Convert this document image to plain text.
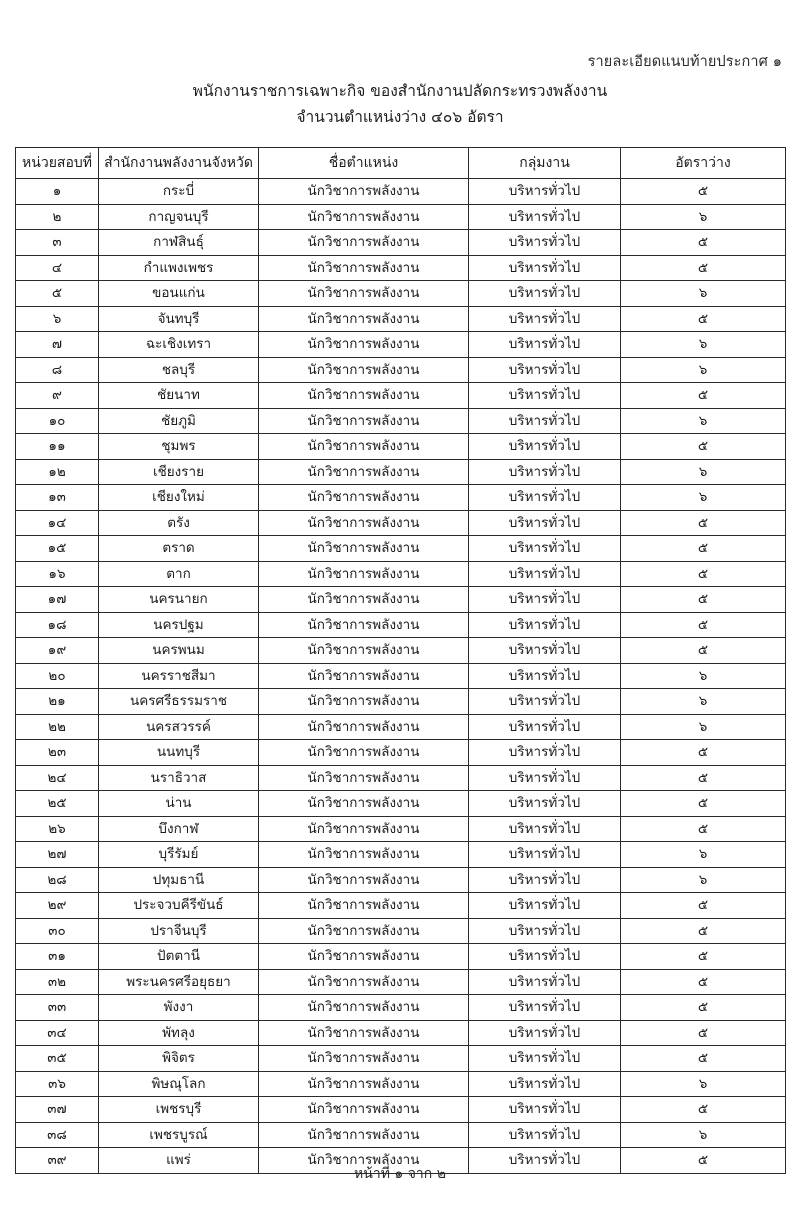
รายละเอียดแนบท้ายประกาศ ๑
พนักงานราชการเฉพาะกิจ ของสำนักงานปลัดกระทรวงพลังงาน
จำนวนตำแหน่งว่าง ๔๐๖ อัตรา
หน่วยสอบที่	สำนักงานพลังงานจังหวัด	ชื่อตำแหน่ง	กลุ่มงาน	อัตราว่าง
๑	กระบี่	นักวิชาการพลังงาน	บริหารทั่วไป	๕
๒	กาญจนบุรี	นักวิชาการพลังงาน	บริหารทั่วไป	๖
๓	กาฬสินธุ์	นักวิชาการพลังงาน	บริหารทั่วไป	๕
๔	กำแพงเพชร	นักวิชาการพลังงาน	บริหารทั่วไป	๕
๕	ขอนแก่น	นักวิชาการพลังงาน	บริหารทั่วไป	๖
๖	จันทบุรี	นักวิชาการพลังงาน	บริหารทั่วไป	๕
๗	ฉะเชิงเทรา	นักวิชาการพลังงาน	บริหารทั่วไป	๖
๘	ชลบุรี	นักวิชาการพลังงาน	บริหารทั่วไป	๖
๙	ชัยนาท	นักวิชาการพลังงาน	บริหารทั่วไป	๕
๑๐	ชัยภูมิ	นักวิชาการพลังงาน	บริหารทั่วไป	๖
๑๑	ชุมพร	นักวิชาการพลังงาน	บริหารทั่วไป	๕
๑๒	เชียงราย	นักวิชาการพลังงาน	บริหารทั่วไป	๖
๑๓	เชียงใหม่	นักวิชาการพลังงาน	บริหารทั่วไป	๖
๑๔	ตรัง	นักวิชาการพลังงาน	บริหารทั่วไป	๕
๑๕	ตราด	นักวิชาการพลังงาน	บริหารทั่วไป	๕
๑๖	ตาก	นักวิชาการพลังงาน	บริหารทั่วไป	๕
๑๗	นครนายก	นักวิชาการพลังงาน	บริหารทั่วไป	๕
๑๘	นครปฐม	นักวิชาการพลังงาน	บริหารทั่วไป	๕
๑๙	นครพนม	นักวิชาการพลังงาน	บริหารทั่วไป	๕
๒๐	นครราชสีมา	นักวิชาการพลังงาน	บริหารทั่วไป	๖
๒๑	นครศรีธรรมราช	นักวิชาการพลังงาน	บริหารทั่วไป	๖
๒๒	นครสวรรค์	นักวิชาการพลังงาน	บริหารทั่วไป	๖
๒๓	นนทบุรี	นักวิชาการพลังงาน	บริหารทั่วไป	๕
๒๔	นราธิวาส	นักวิชาการพลังงาน	บริหารทั่วไป	๕
๒๕	น่าน	นักวิชาการพลังงาน	บริหารทั่วไป	๕
๒๖	บึงกาฬ	นักวิชาการพลังงาน	บริหารทั่วไป	๕
๒๗	บุรีรัมย์	นักวิชาการพลังงาน	บริหารทั่วไป	๖
๒๘	ปทุมธานี	นักวิชาการพลังงาน	บริหารทั่วไป	๖
๒๙	ประจวบคีรีขันธ์	นักวิชาการพลังงาน	บริหารทั่วไป	๕
๓๐	ปราจีนบุรี	นักวิชาการพลังงาน	บริหารทั่วไป	๕
๓๑	ปัตตานี	นักวิชาการพลังงาน	บริหารทั่วไป	๕
๓๒	พระนครศรีอยุธยา	นักวิชาการพลังงาน	บริหารทั่วไป	๕
๓๓	พังงา	นักวิชาการพลังงาน	บริหารทั่วไป	๕
๓๔	พัทลุง	นักวิชาการพลังงาน	บริหารทั่วไป	๕
๓๕	พิจิตร	นักวิชาการพลังงาน	บริหารทั่วไป	๕
๓๖	พิษณุโลก	นักวิชาการพลังงาน	บริหารทั่วไป	๖
๓๗	เพชรบุรี	นักวิชาการพลังงาน	บริหารทั่วไป	๕
๓๘	เพชรบูรณ์	นักวิชาการพลังงาน	บริหารทั่วไป	๖
๓๙	แพร่	นักวิชาการพลังงาน	บริหารทั่วไป	๕
หน้าที่ ๑ จาก ๒
